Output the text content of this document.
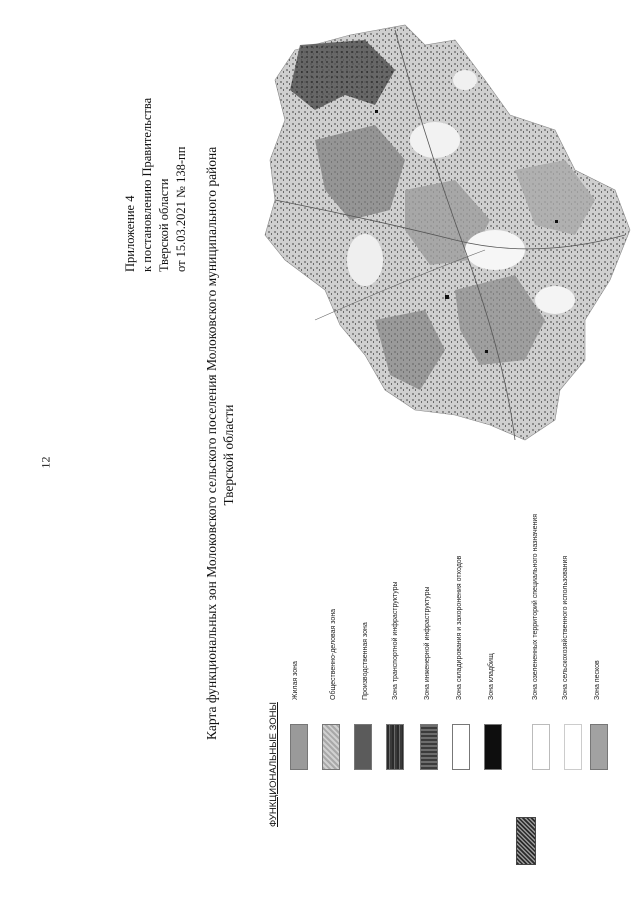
12
Приложение 4 к постановлению Правительства Тверской области от 15.03.2021 № 138-пп Карта функциональных зон Молоковского сельского поселения Молоковского муниципального района Тверской области
ФУНКЦИОНАЛЬНЫЕ ЗОНЫ
Жилая зона	Общественно-деловая зона	Производственная зона	Зона транспортной инфраструктуры	Зона инженерной инфраструктуры	Зона складирования и захоронения отходов	Зона кладбищ	Зона озелененных территорий специального назначения	Зона сельскохозяйственного использования	Зона песков
